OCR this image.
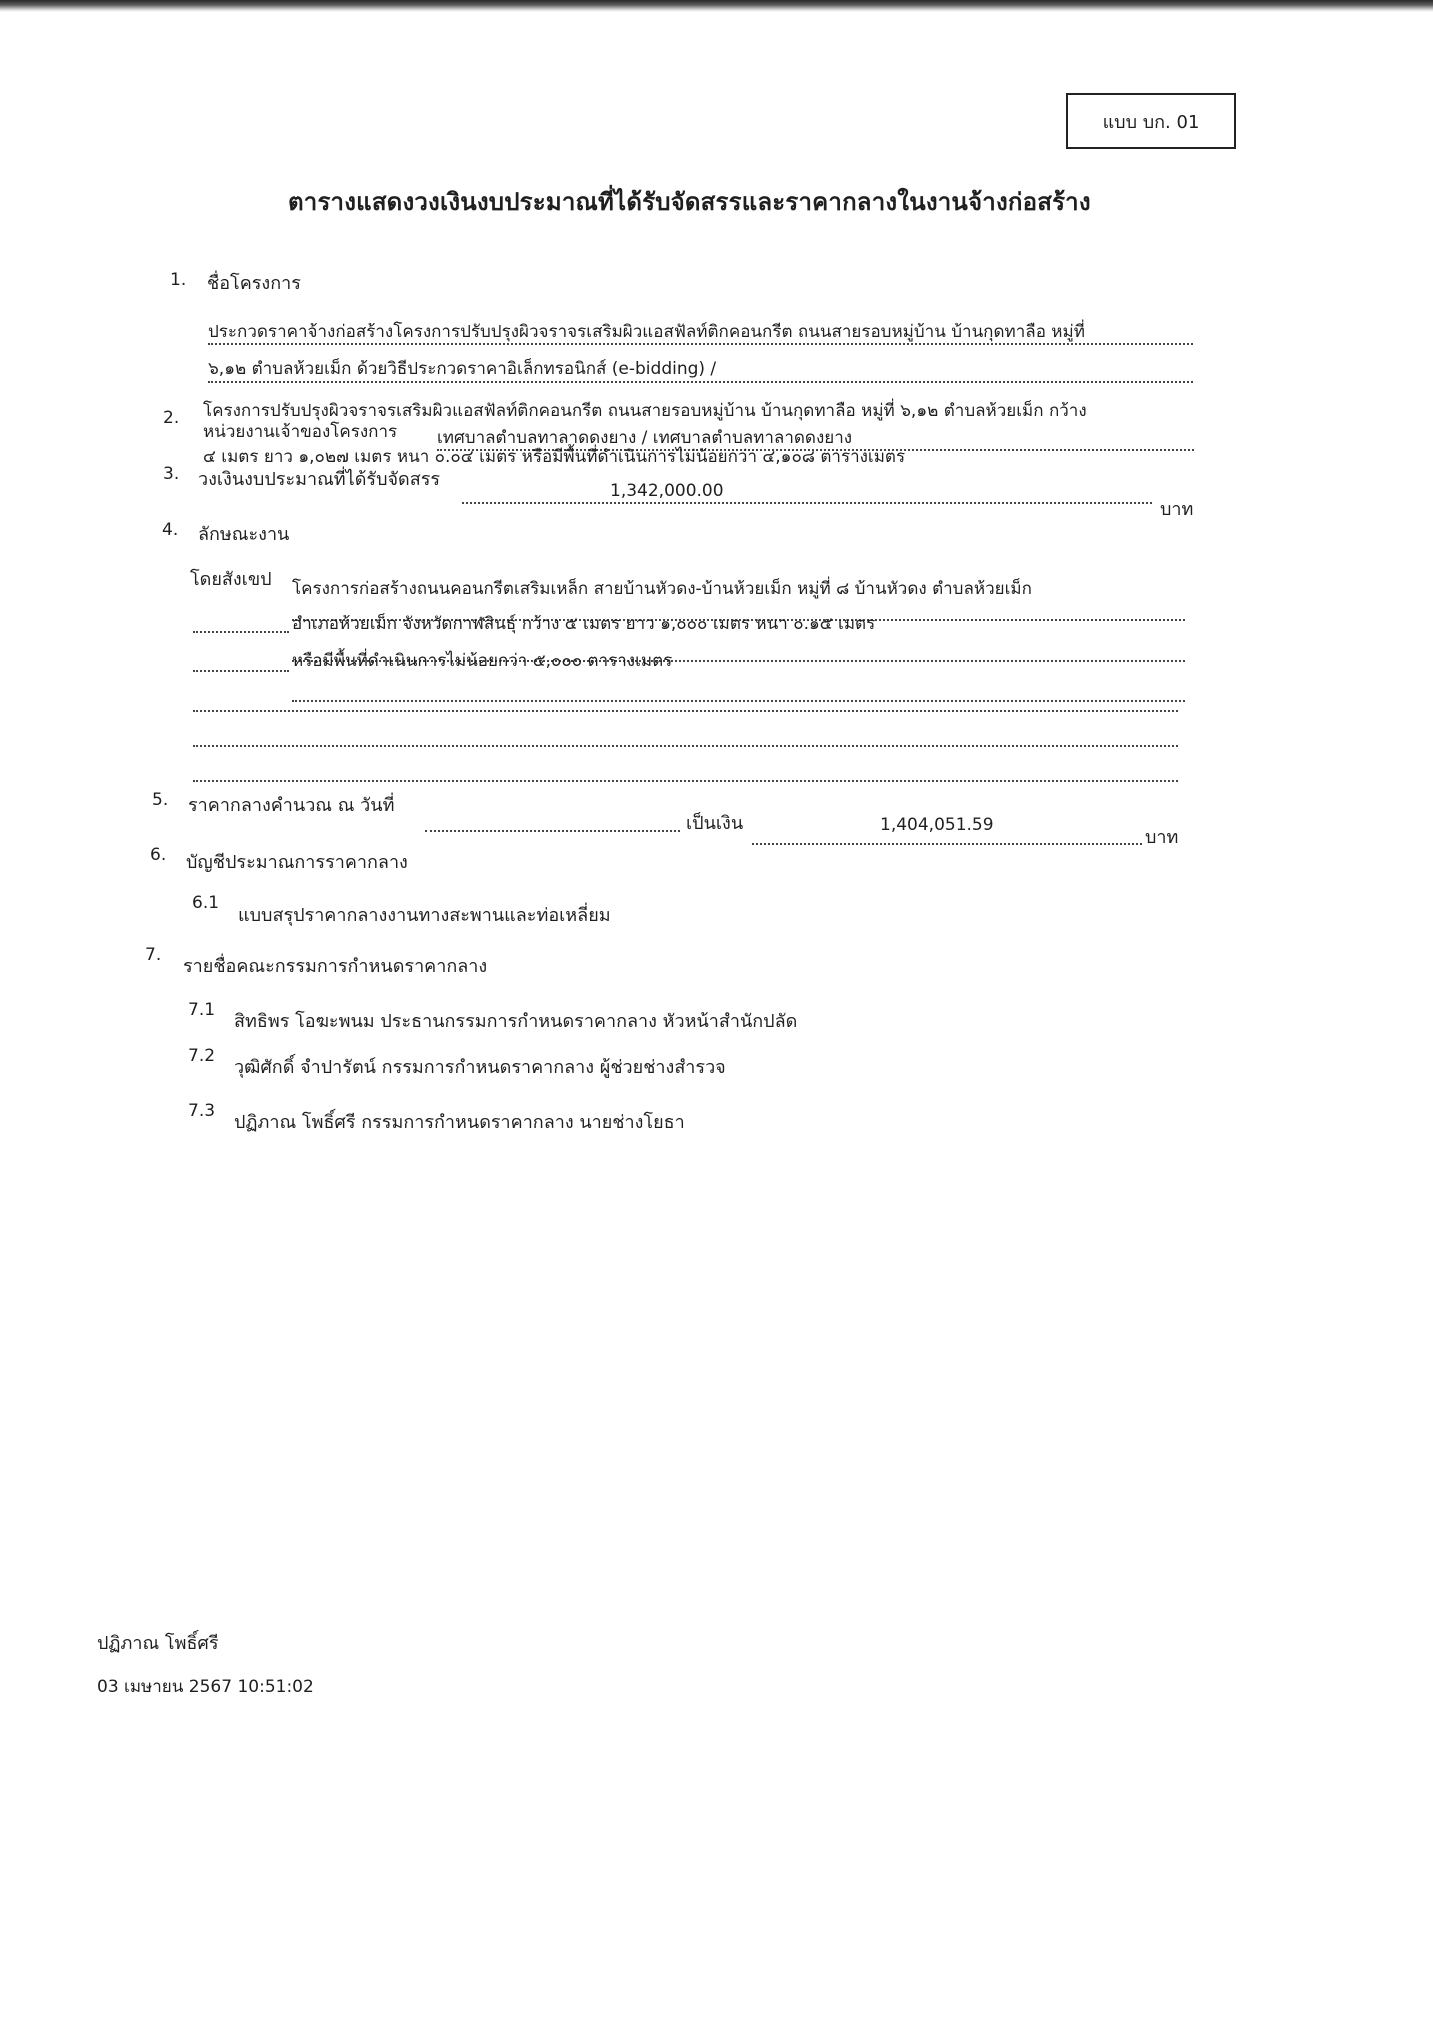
แบบ บก. 01
ตารางแสดงวงเงินงบประมาณที่ได้รับจัดสรรและราคากลางในงานจ้างก่อสร้าง
1. ชื่อโครงการ
ประกวดราคาจ้างก่อสร้างโครงการปรับปรุงผิวจราจรเสริมผิวแอสฟัลท์ติกคอนกรีต ถนนสายรอบหมู่บ้าน บ้านกุดทาลือ หมู่ที่
๖,๑๒ ตำบลห้วยเม็ก ด้วยวิธีประกวดราคาอิเล็กทรอนิกส์ (e-bidding) /
2. โครงการปรับปรุงผิวจราจรเสริมผิวแอสฟัลท์ติกคอนกรีต ถนนสายรอบหมู่บ้าน บ้านกุดทาลือ หมู่ที่ ๖,๑๒ ตำบลห้วยเม็ก กว้าง
หน่วยงานเจ้าของโครงการ เทศบาลตำบลทาลาดดงยาง / เทศบาลตำบลทาลาดดงยาง
๔ เมตร ยาว ๑,๐๒๗ เมตร หนา ๐.๐๔ เมตร หรือมีพื้นที่ดำเนินการไม่น้อยกว่า ๔,๑๐๘ ตารางเมตร
3. วงเงินงบประมาณที่ได้รับจัดสรร
1,342,000.00
บาท
4. ลักษณะงาน
โดยสังเขป โครงการก่อสร้างถนนคอนกรีตเสริมเหล็ก สายบ้านหัวดง-บ้านห้วยเม็ก หมู่ที่ ๘ บ้านหัวดง ตำบลห้วยเม็ก
อำเภอห้วยเม็ก จังหวัดกาฬสินธุ์ กว้าง ๕ เมตร ยาว ๑,๐๐๐ เมตร หนา ๐.๑๕ เมตร
หรือมีพื้นที่ดำเนินการไม่น้อยกว่า ๕,๐๐๐ ตารางเมตร
5. ราคากลางคำนวณ ณ วันที่
เป็นเงิน	1,404,051.59
บาท
6. บัญชีประมาณการราคากลาง
6.1
แบบสรุปราคากลางงานทางสะพานและท่อเหลี่ยม
7.
รายชื่อคณะกรรมการกำหนดราคากลาง
7.1
สิทธิพร โอฆะพนม ประธานกรรมการกำหนดราคากลาง หัวหน้าสำนักปลัด
7.2
วุฒิศักดิ์ จำปารัตน์ กรรมการกำหนดราคากลาง ผู้ช่วยช่างสำรวจ
7.3
ปฏิภาณ โพธิ์ศรี กรรมการกำหนดราคากลาง นายช่างโยธา
ปฏิภาณ โพธิ์ศรี
03 เมษายน 2567 10:51:02
